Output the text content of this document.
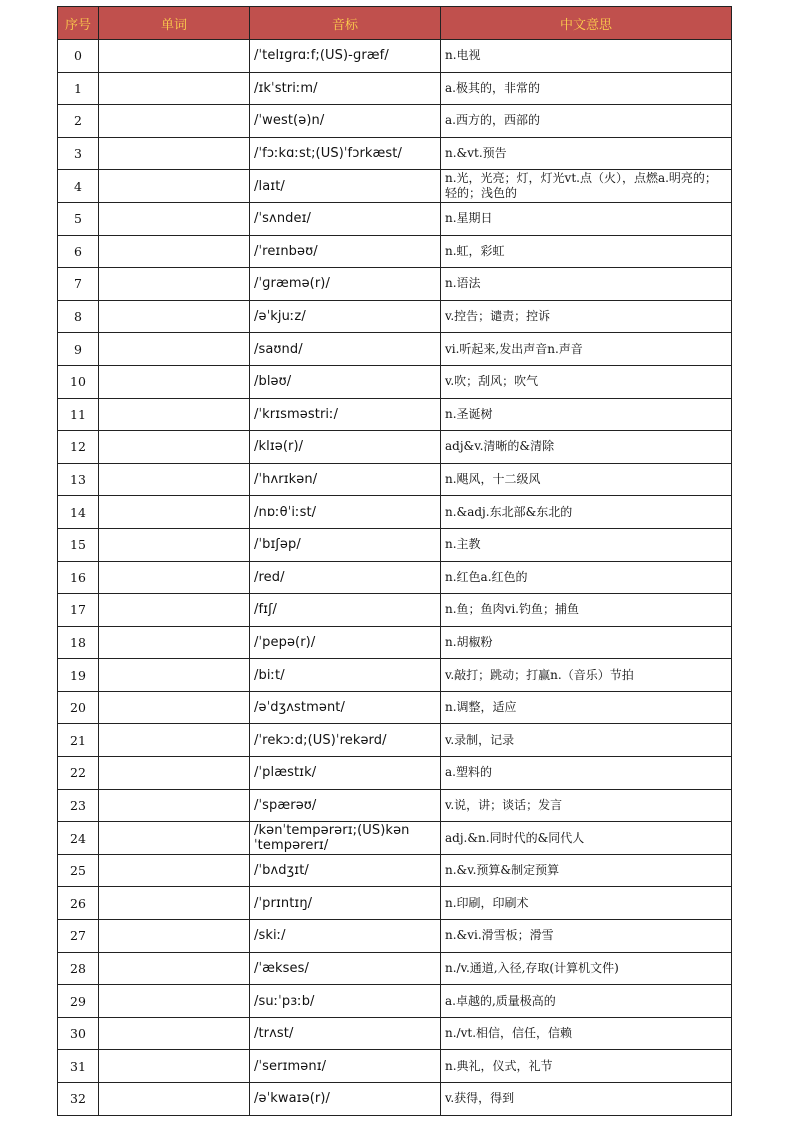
序号	单词	音标	中文意思
0		/ˈtelɪɡrɑːf;(US)-ɡræf/	n.电视
1		/ɪkˈstriːm/	a.极其的，非常的
2		/ˈwest(ə)n/	a.西方的，西部的
3		/ˈfɔːkɑːst;(US)ˈfɔrkæst/	n.&vt.预告
4		/laɪt/	n.光，光亮；灯，灯光vt.点（火），点燃a.明亮的；轻的；浅色的
5		/ˈsʌndeɪ/	n.星期日
6		/ˈreɪnbəʊ/	n.虹，彩虹
7		/ˈɡræmə(r)/	n.语法
8		/əˈkjuːz/	v.控告；谴责；控诉
9		/saʊnd/	vi.听起来,发出声音n.声音
10		/bləʊ/	v.吹；刮风；吹气
11		/ˈkrɪsməstriː/	n.圣诞树
12		/klɪə(r)/	adj&v.清晰的&清除
13		/ˈhʌrɪkən/	n.飓风，十二级风
14		/nɒːθˈiːst/	n.&adj.东北部&东北的
15		/ˈbɪʃəp/	n.主教
16		/red/	n.红色a.红色的
17		/fɪʃ/	n.鱼；鱼肉vi.钓鱼；捕鱼
18		/ˈpepə(r)/	n.胡椒粉
19		/biːt/	v.敲打；跳动；打赢n.（音乐）节拍
20		/əˈdʒʌstmənt/	n.调整，适应
21		/ˈrekɔːd;(US)ˈrekərd/	v.录制，记录
22		/ˈplæstɪk/	a.塑料的
23		/ˈspærəʊ/	v.说，讲；谈话；发言
24		/kənˈtempərərɪ;(US)kənˈtempərerɪ/	adj.&n.同时代的&同代人
25		/ˈbʌdʒɪt/	n.&v.预算&制定预算
26		/ˈprɪntɪŋ/	n.印刷，印刷术
27		/skiː/	n.&vi.滑雪板；滑雪
28		/ˈækses/	n./v.通道,入径,存取(计算机文件)
29		/suːˈpɜːb/	a.卓越的,质量极高的
30		/trʌst/	n./vt.相信，信任，信赖
31		/ˈserɪmənɪ/	n.典礼，仪式，礼节
32		/əˈkwaɪə(r)/	v.获得，得到
